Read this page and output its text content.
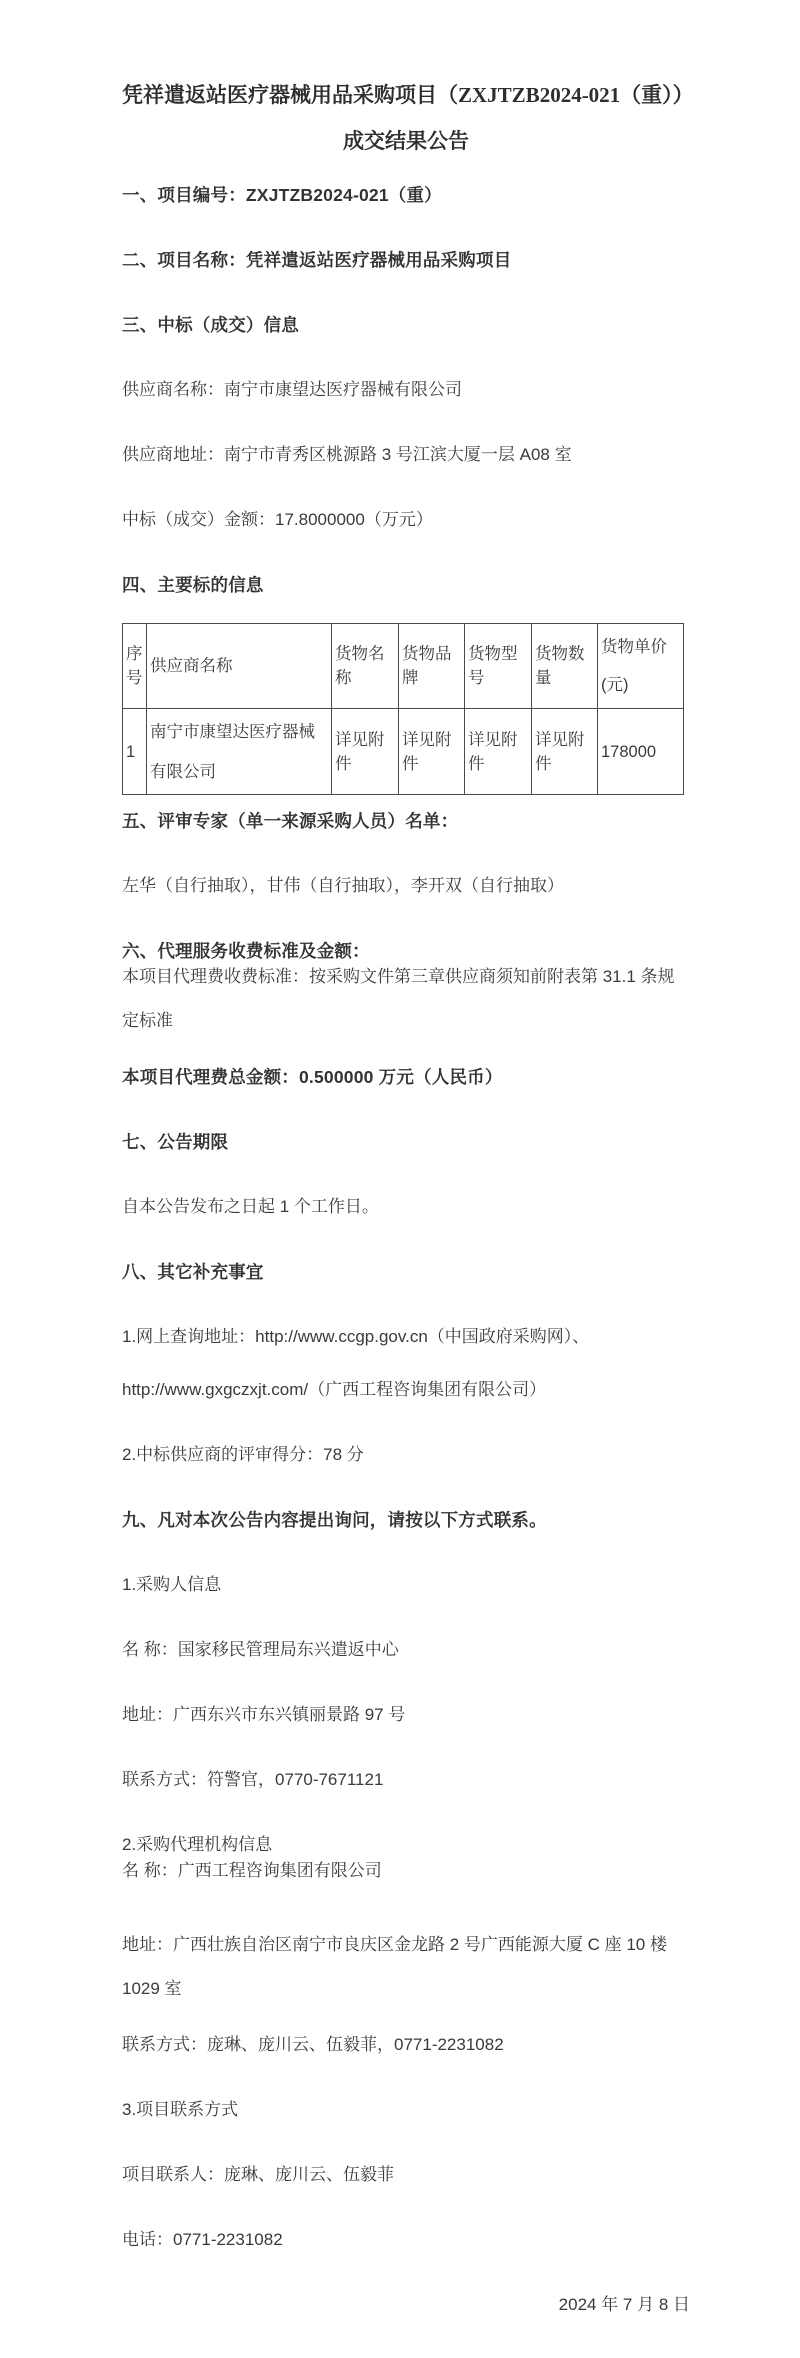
凭祥遣返站医疗器械用品采购项目（ZXJTZB2024-021（重））
成交结果公告

一、项目编号：ZXJTZB2024-021（重）

二、项目名称：凭祥遣返站医疗器械用品采购项目

三、中标（成交）信息

供应商名称：南宁市康望达医疗器械有限公司

供应商地址：南宁市青秀区桃源路 3 号江滨大厦一层 A08 室

中标（成交）金额：17.8000000（万元）

四、主要标的信息

序号	供应商名称	货物名称	货物品牌	货物型号	货物数量	货物单价 (元)
1	南宁市康望达医疗器械有限公司	详见附件	详见附件	详见附件	详见附件	178000

五、评审专家（单一来源采购人员）名单：

左华（自行抽取），甘伟（自行抽取），李开双（自行抽取）

六、代理服务收费标准及金额：

本项目代理费收费标准：按采购文件第三章供应商须知前附表第 31.1 条规定标准

本项目代理费总金额：0.500000 万元（人民币）

七、公告期限

自本公告发布之日起 1 个工作日。

八、其它补充事宜

1.网上查询地址：http://www.ccgp.gov.cn（中国政府采购网）、

http://www.gxgczxjt.com/（广西工程咨询集团有限公司）

2.中标供应商的评审得分：78 分

九、凡对本次公告内容提出询问，请按以下方式联系。

1.采购人信息

名 称：国家移民管理局东兴遣返中心

地址：广西东兴市东兴镇丽景路 97 号

联系方式：符警官，0770-7671121

2.采购代理机构信息

名 称：广西工程咨询集团有限公司

地址：广西壮族自治区南宁市良庆区金龙路 2 号广西能源大厦 C 座 10 楼 1029 室

联系方式：庞琳、庞川云、伍毅菲，0771-2231082

3.项目联系方式

项目联系人：庞琳、庞川云、伍毅菲

电话：0771-2231082

2024 年 7 月 8 日
